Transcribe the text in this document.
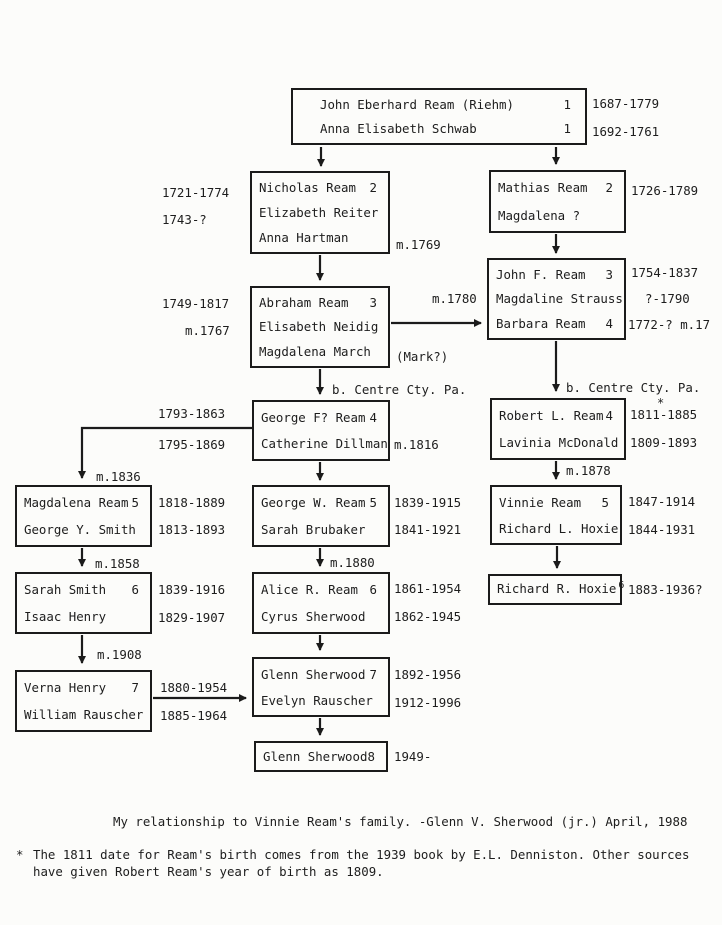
John Eberhard Ream (Riehm)	1
Anna Elisabeth Schwab	1
Nicholas Ream 2
Elizabeth Reiter
Anna Hartman
Mathias Ream 2
Magdalena ?
Abraham Ream 3
Elisabeth Neidig
Magdalena March
John F. Ream 3
Magdaline Strauss
Barbara Ream 4
George F? Ream 4
Catherine Dillman
Robert L. Ream 4
Lavinia McDonald
Magdalena Ream 5
George Y. Smith
George W. Ream 5
Sarah Brubaker
Vinnie Ream 5
Richard L. Hoxie
Sarah Smith 6
Isaac Henry
Alice R. Ream 6
Cyrus Sherwood
Richard R. Hoxie 6
Verna Henry 7
William Rauscher
Glenn Sherwood 7
Evelyn Rauscher
Glenn Sherwood 8
1687-1779
1692-1761
1721-1774
1743-?
m.1769
1726-1789
1749-1817
m.1767
(Mark?)
m.1780
1754-1837
?-1790
1772-? m.17
b. Centre Cty. Pa.	b. Centre Cty. Pa.
1793-1863
1795-1869	m.1816
m.1836
1811-1885
*
1809-1893
m.1878
1818-1889
1813-1893
1839-1915
1841-1921
1847-1914
1844-1931
m.1858	m.1880
1839-1916
1829-1907
1861-1954
1862-1945
1883-1936?
m.1908
1880-1954
1885-1964
1892-1956
1912-1996
1949-
My relationship to Vinnie Ream's family. -Glenn V. Sherwood (jr.) April, 1988
* The 1811 date for Ream's birth comes from the 1939 book by E.L. Denniston. Other sources
have given Robert Ream's year of birth as 1809.
